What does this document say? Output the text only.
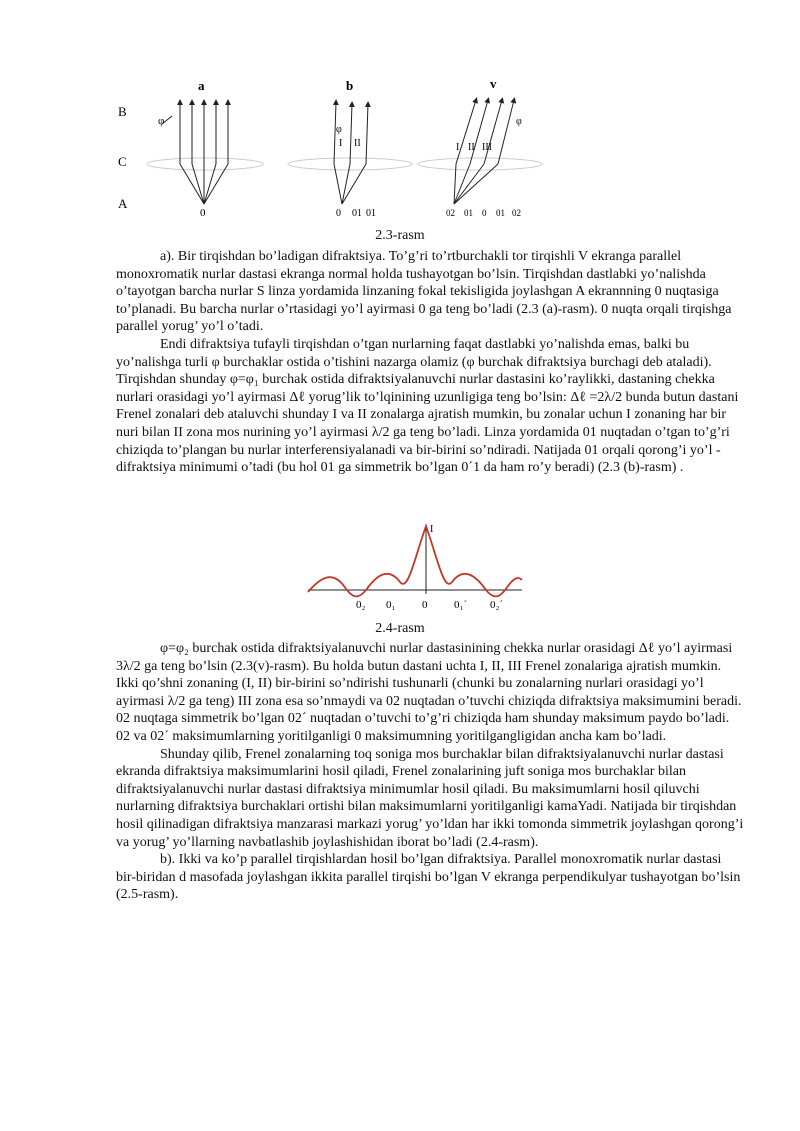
B
C
A
a
φ
0
b
φ
I II
0 01 01
v
φ
I II III
02 01 0 01 02
2.3-rasm

a). Bir tirqishdan bo’ladigan difraktsiya. To’g’ri to’rtburchakli tor tirqishli V ekranga parallel monoxromatik nurlar dastasi ekranga normal holda tushayotgan bo’lsin. Tirqishdan dastlabki yo’nalishda o’tayotgan barcha nurlar S linza yordamida linzaning fokal tekisligida joylashgan A ekrannning 0 nuqtasiga to’planadi. Bu barcha nurlar o’rtasidagi yo’l ayirmasi 0 ga teng bo’ladi (2.3 (a)-rasm). 0 nuqta orqali tirqishga parallel yorug’ yo’l o’tadi.

Endi difraktsiya tufayli tirqishdan o’tgan nurlarning faqat dastlabki yo’nalishda emas, balki bu yo’nalishga turli φ burchaklar ostida o’tishini nazarga olamiz (φ burchak difraktsiya burchagi deb ataladi). Tirqishdan shunday φ=φ₁ burchak ostida difraktsiyalanuvchi nurlar dastasini ko’raylikki, dastaning chekka nurlari orasidagi yo’l ayirmasi Δℓ yorug’lik to’lqinining uzunligiga teng bo’lsin: Δℓ =2λ/2 bunda butun dastani Frenel zonalari deb ataluvchi shunday I va II zonalarga ajratish mumkin, bu zonalar uchun I zonaning har bir nuri bilan II zona mos nurining yo’l ayirmasi λ/2 ga teng bo’ladi. Linza yordamida 01 nuqtadan o’tgan to’g’ri chiziqda to’plangan bu nurlar interferensiyalanadi va bir-birini so’ndiradi. Natijada 01 orqali qorong’i yo’l - difraktsiya minimumi o’tadi (bu hol 01 ga simmetrik bo’lgan 0´1 da ham ro’y beradi) (2.3 (b)-rasm) .

I
0₂ 0₁ 0 0₁´ 0₂´
2.4-rasm

φ=φ₂ burchak ostida difraktsiyalanuvchi nurlar dastasinining chekka nurlar orasidagi Δℓ yo’l ayirmasi 3λ/2 ga teng bo’lsin (2.3(v)-rasm). Bu holda butun dastani uchta I, II, III Frenel zonalariga ajratish mumkin. Ikki qo’shni zonaning (I, II) bir-birini so’ndirishi tushunarli (chunki bu zonalarning nurlari orasidagi yo’l ayirmasi λ/2 ga teng) III zona esa so’nmaydi va 02 nuqtadan o’tuvchi chiziqda difraktsiya maksimumini beradi. 02 nuqtaga simmetrik bo’lgan 02´ nuqtadan o’tuvchi to’g’ri chiziqda ham shunday maksimum paydo bo’ladi. 02 va 02´ maksimumlarning yoritilganligi 0 maksimumning yoritilgangligidan ancha kam bo’ladi.

Shunday qilib, Frenel zonalarning toq soniga mos burchaklar bilan difraktsiyalanuvchi nurlar dastasi ekranda difraktsiya maksimumlarini hosil qiladi, Frenel zonalarining juft soniga mos burchaklar bilan difraktsiyalanuvchi nurlar dastasi difraktsiya minimumlar hosil qiladi. Bu maksimumlarni hosil qiluvchi nurlarning difraktsiya burchaklari ortishi bilan maksimumlarni yoritilganligi kamaYadi. Natijada bir tirqishdan hosil qilinadigan difraktsiya manzarasi markazi yorug’ yo’ldan har ikki tomonda simmetrik joylashgan qorong’i va yorug’ yo’llarning navbatlashib joylashishidan iborat bo’ladi (2.4-rasm).

b). Ikki va ko’p parallel tirqishlardan hosil bo’lgan difraktsiya. Parallel monoxromatik nurlar dastasi bir-biridan d masofada joylashgan ikkita parallel tirqishi bo’lgan V ekranga perpendikulyar tushayotgan bo’lsin (2.5-rasm).
